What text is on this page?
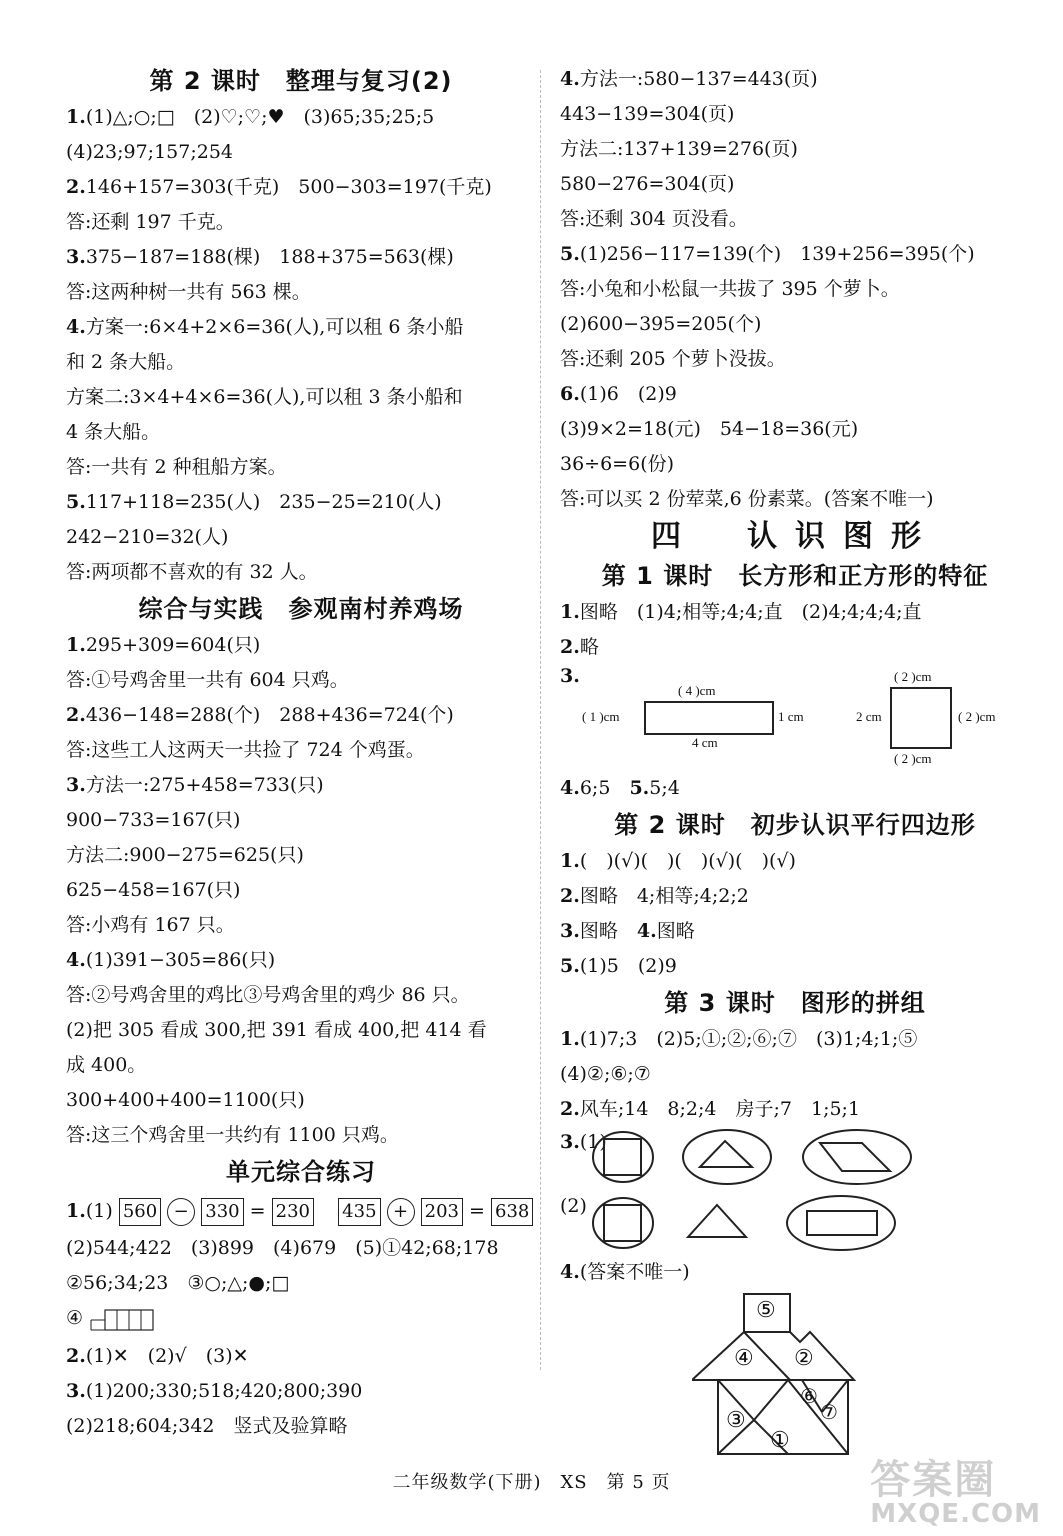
第 2 课时　整理与复习(2)
1.(1)△;○;□　(2)♡;♡;♥　(3)65;35;25;5
(4)23;97;157;254
2.146+157=303(千克)　500−303=197(千克)
答:还剩 197 千克。
3.375−187=188(棵)　188+375=563(棵)
答:这两种树一共有 563 棵。
4.方案一:6×4+2×6=36(人),可以租 6 条小船
和 2 条大船。
方案二:3×4+4×6=36(人),可以租 3 条小船和
4 条大船。
答:一共有 2 种租船方案。
5.117+118=235(人)　235−25=210(人)
242−210=32(人)
答:两项都不喜欢的有 32 人。
综合与实践　参观南村养鸡场
1.295+309=604(只)
答:①号鸡舍里一共有 604 只鸡。
2.436−148=288(个)　288+436=724(个)
答:这些工人这两天一共捡了 724 个鸡蛋。
3.方法一:275+458=733(只)
900−733=167(只)
方法二:900−275=625(只)
625−458=167(只)
答:小鸡有 167 只。
4.(1)391−305=86(只)
答:②号鸡舍里的鸡比③号鸡舍里的鸡少 86 只。
(2)把 305 看成 300,把 391 看成 400,把 414 看
成 400。
300+400+400=1100(只)
答:这三个鸡舍里一共约有 1100 只鸡。
单元综合练习
1.(1) 560 − 330 = 230 435 + 203 = 638
(2)544;422　(3)899　(4)679　(5)①42;68;178
②56;34;23　③○;△;●;□
④
2.(1)✕　(2)√　(3)✕
3.(1)200;330;518;420;800;390
(2)218;604;342　竖式及验算略
4.方法一:580−137=443(页)
443−139=304(页)
方法二:137+139=276(页)
580−276=304(页)
答:还剩 304 页没看。
5.(1)256−117=139(个)　139+256=395(个)
答:小兔和小松鼠一共拔了 395 个萝卜。
(2)600−395=205(个)
答:还剩 205 个萝卜没拔。
6.(1)6　(2)9
(3)9×2=18(元)　54−18=36(元)
36÷6=6(份)
答:可以买 2 份荤菜,6 份素菜。(答案不唯一)
四　认识图形
第 1 课时　长方形和正方形的特征
1.图略　(1)4;相等;4;4;直　(2)4;4;4;4;直
2.略
3.
( 4 )cm
( 1 )cm	1 cm
4 cm
( 2 )cm
2 cm	( 2 )cm
( 2 )cm
4.6;5　5.5;4
第 2 课时　初步认识平行四边形
1.(　)(√)(　)(　)(√)(　)(√)
2.图略　4;相等;4;2;2
3.图略　4.图略
5.(1)5　(2)9
第 3 课时　图形的拼组
1.(1)7;3　(2)5;①;②;⑥;⑦　(3)1;4;1;⑤
(4)②;⑥;⑦
2.风车;14　8;2;4　房子;7　1;5;1
3.(1)
(2)
4.(答案不唯一)
⑤
④ ②
③
⑥
⑦
①
二年级数学(下册)　XS　第 5 页	答案圈
MXQE.COM
